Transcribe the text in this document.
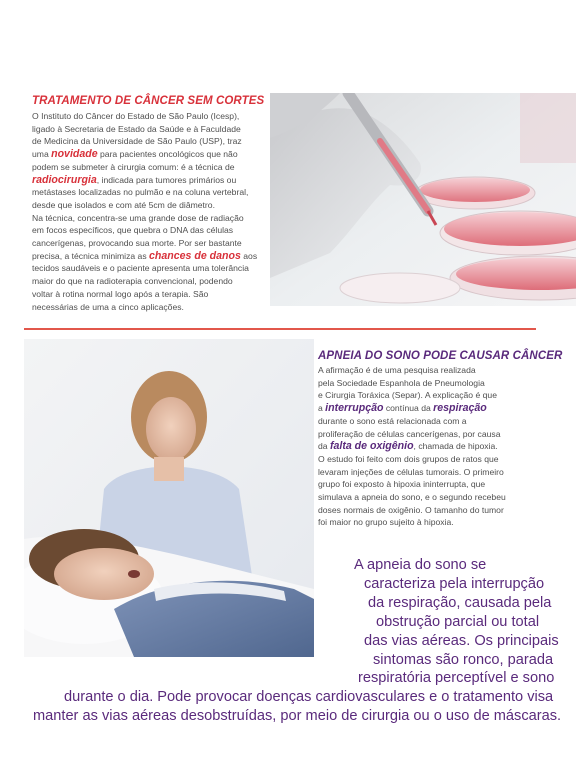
TRATAMENTO DE CÂNCER SEM CORTES
O Instituto do Câncer do Estado de São Paulo (Icesp),
ligado à Secretaria de Estado da Saúde e à Faculdade
de Medicina da Universidade de São Paulo (USP), traz
uma novidade para pacientes oncológicos que não
podem se submeter à cirurgia comum: é a técnica de
radiocirurgia, indicada para tumores primários ou
metástases localizadas no pulmão e na coluna vertebral,
desde que isolados e com até 5cm de diâmetro.
Na técnica, concentra-se uma grande dose de radiação
em focos específicos, que quebra o DNA das células
cancerígenas, provocando sua morte. Por ser bastante
precisa, a técnica minimiza as chances de danos aos
tecidos saudáveis e o paciente apresenta uma tolerância
maior do que na radioterapia convencional, podendo
voltar à rotina normal logo após a terapia. São
necessárias de uma a cinco aplicações.
APNEIA DO SONO PODE CAUSAR CÂNCER
A afirmação é de uma pesquisa realizada
pela Sociedade Espanhola de Pneumologia
e Cirurgia Toráxica (Separ). A explicação é que
a interrupção contínua da respiração
durante o sono está relacionada com a
proliferação de células cancerígenas, por causa
da falta de oxigênio, chamada de hipoxia.
O estudo foi feito com dois grupos de ratos que
levaram injeções de células tumorais. O primeiro
grupo foi exposto à hipoxia ininterrupta, que
simulava a apneia do sono, e o segundo recebeu
doses normais de oxigênio. O tamanho do tumor
foi maior no grupo sujeito à hipoxia.
A apneia do sono se
caracteriza pela interrupção
da respiração, causada pela
obstrução parcial ou total
das vias aéreas. Os principais
sintomas são ronco, parada
respiratória perceptível e sono
durante o dia. Pode provocar doenças cardiovasculares e o tratamento visa
manter as vias aéreas desobstruídas, por meio de cirurgia ou o uso de máscaras.
